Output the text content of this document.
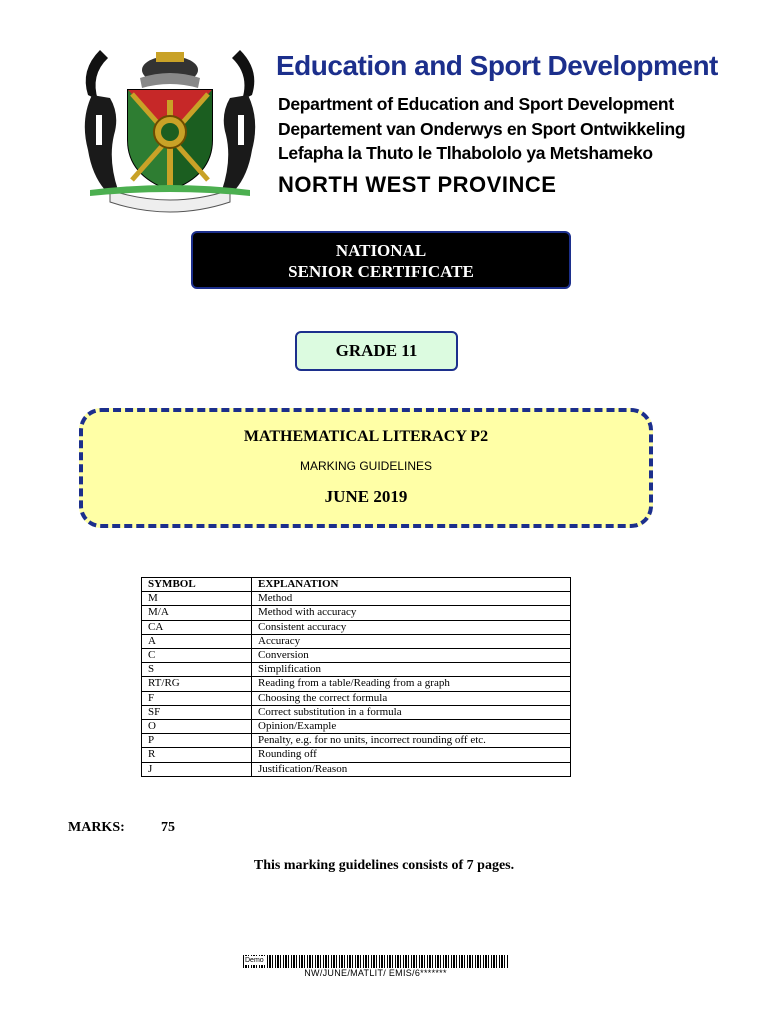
Education and Sport Development
Department of Education and Sport Development
Departement van Onderwys en Sport Ontwikkeling
Lefapha la Thuto le Tlhabololo ya Metshameko
NORTH WEST PROVINCE
NATIONAL
SENIOR CERTIFICATE
GRADE 11
MATHEMATICAL LITERACY P2
MARKING GUIDELINES
JUNE 2019
SYMBOL	EXPLANATION
M	Method
M/A	Method with accuracy
CA	Consistent accuracy
A	Accuracy
C	Conversion
S	Simplification
RT/RG	Reading from a table/Reading from a graph
F	Choosing the correct formula
SF	Correct substitution in a formula
O	Opinion/Example
P	Penalty, e.g. for no units, incorrect rounding off etc.
R	Rounding off
J	Justification/Reason
MARKS:	75
This marking guidelines consists of 7 pages.
Demo
NW/JUNE/MATLIT/ EMIS/6*******
